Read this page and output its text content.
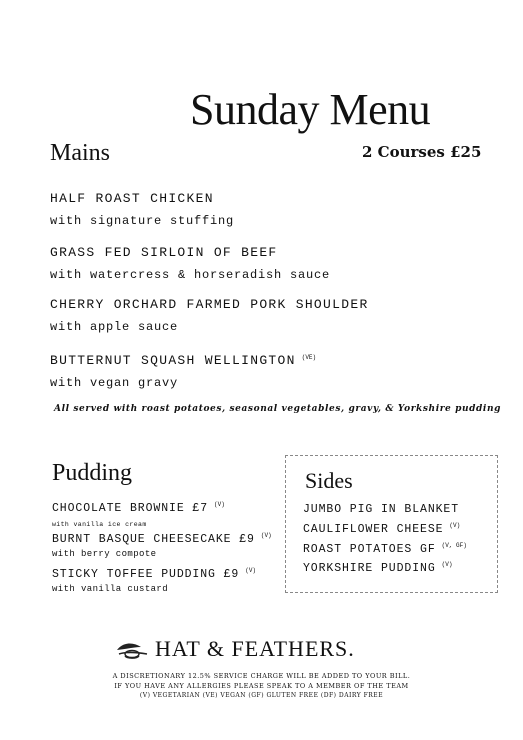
Sunday Menu
Mains	2 Courses £25
HALF ROAST CHICKEN
with signature stuffing
GRASS FED SIRLOIN OF BEEF
with watercress & horseradish sauce
CHERRY ORCHARD FARMED PORK SHOULDER
with apple sauce
BUTTERNUT SQUASH WELLINGTON $^{(VE)}$
with vegan gravy
All served with roast potatoes, seasonal vegetables, gravy, & Yorkshire pudding
Pudding
CHOCOLATE BROWNIE £7 $^{(V)}$
with vanilla ice cream
BURNT BASQUE CHEESECAKE £9 $^{(V)}$
with berry compote
STICKY TOFFEE PUDDING £9 $^{(V)}$
with vanilla custard
Sides
JUMBO PIG IN BLANKET
CAULIFLOWER CHEESE $^{(V)}$
ROAST POTATOES GF $^{(V, GF)}$
YORKSHIRE PUDDING $^{(V)}$
HAT & FEATHERS.
A DISCRETIONARY 12.5% SERVICE CHARGE WILL BE ADDED TO YOUR BILL.
IF YOU HAVE ANY ALLERGIES PLEASE SPEAK TO A MEMBER OF THE TEAM
(V) VEGETARIAN (VE) VEGAN (GF) GLUTEN FREE (DF) DAIRY FREE
